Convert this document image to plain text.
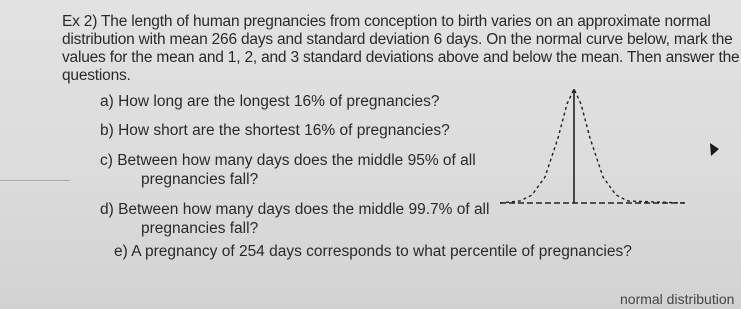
Ex 2) The length of human pregnancies from conception to birth varies on an approximate normal
distribution with mean 266 days and standard deviation 6 days. On the normal curve below, mark the
values for the mean and 1, 2, and 3 standard deviations above and below the mean. Then answer the
questions.
a) How long are the longest 16% of pregnancies?
b) How short are the shortest 16% of pregnancies?
c) Between how many days does the middle 95% of all
pregnancies fall?
d) Between how many days does the middle 99.7% of all
pregnancies fall?
e) A pregnancy of 254 days corresponds to what percentile of pregnancies?
normal distribution
